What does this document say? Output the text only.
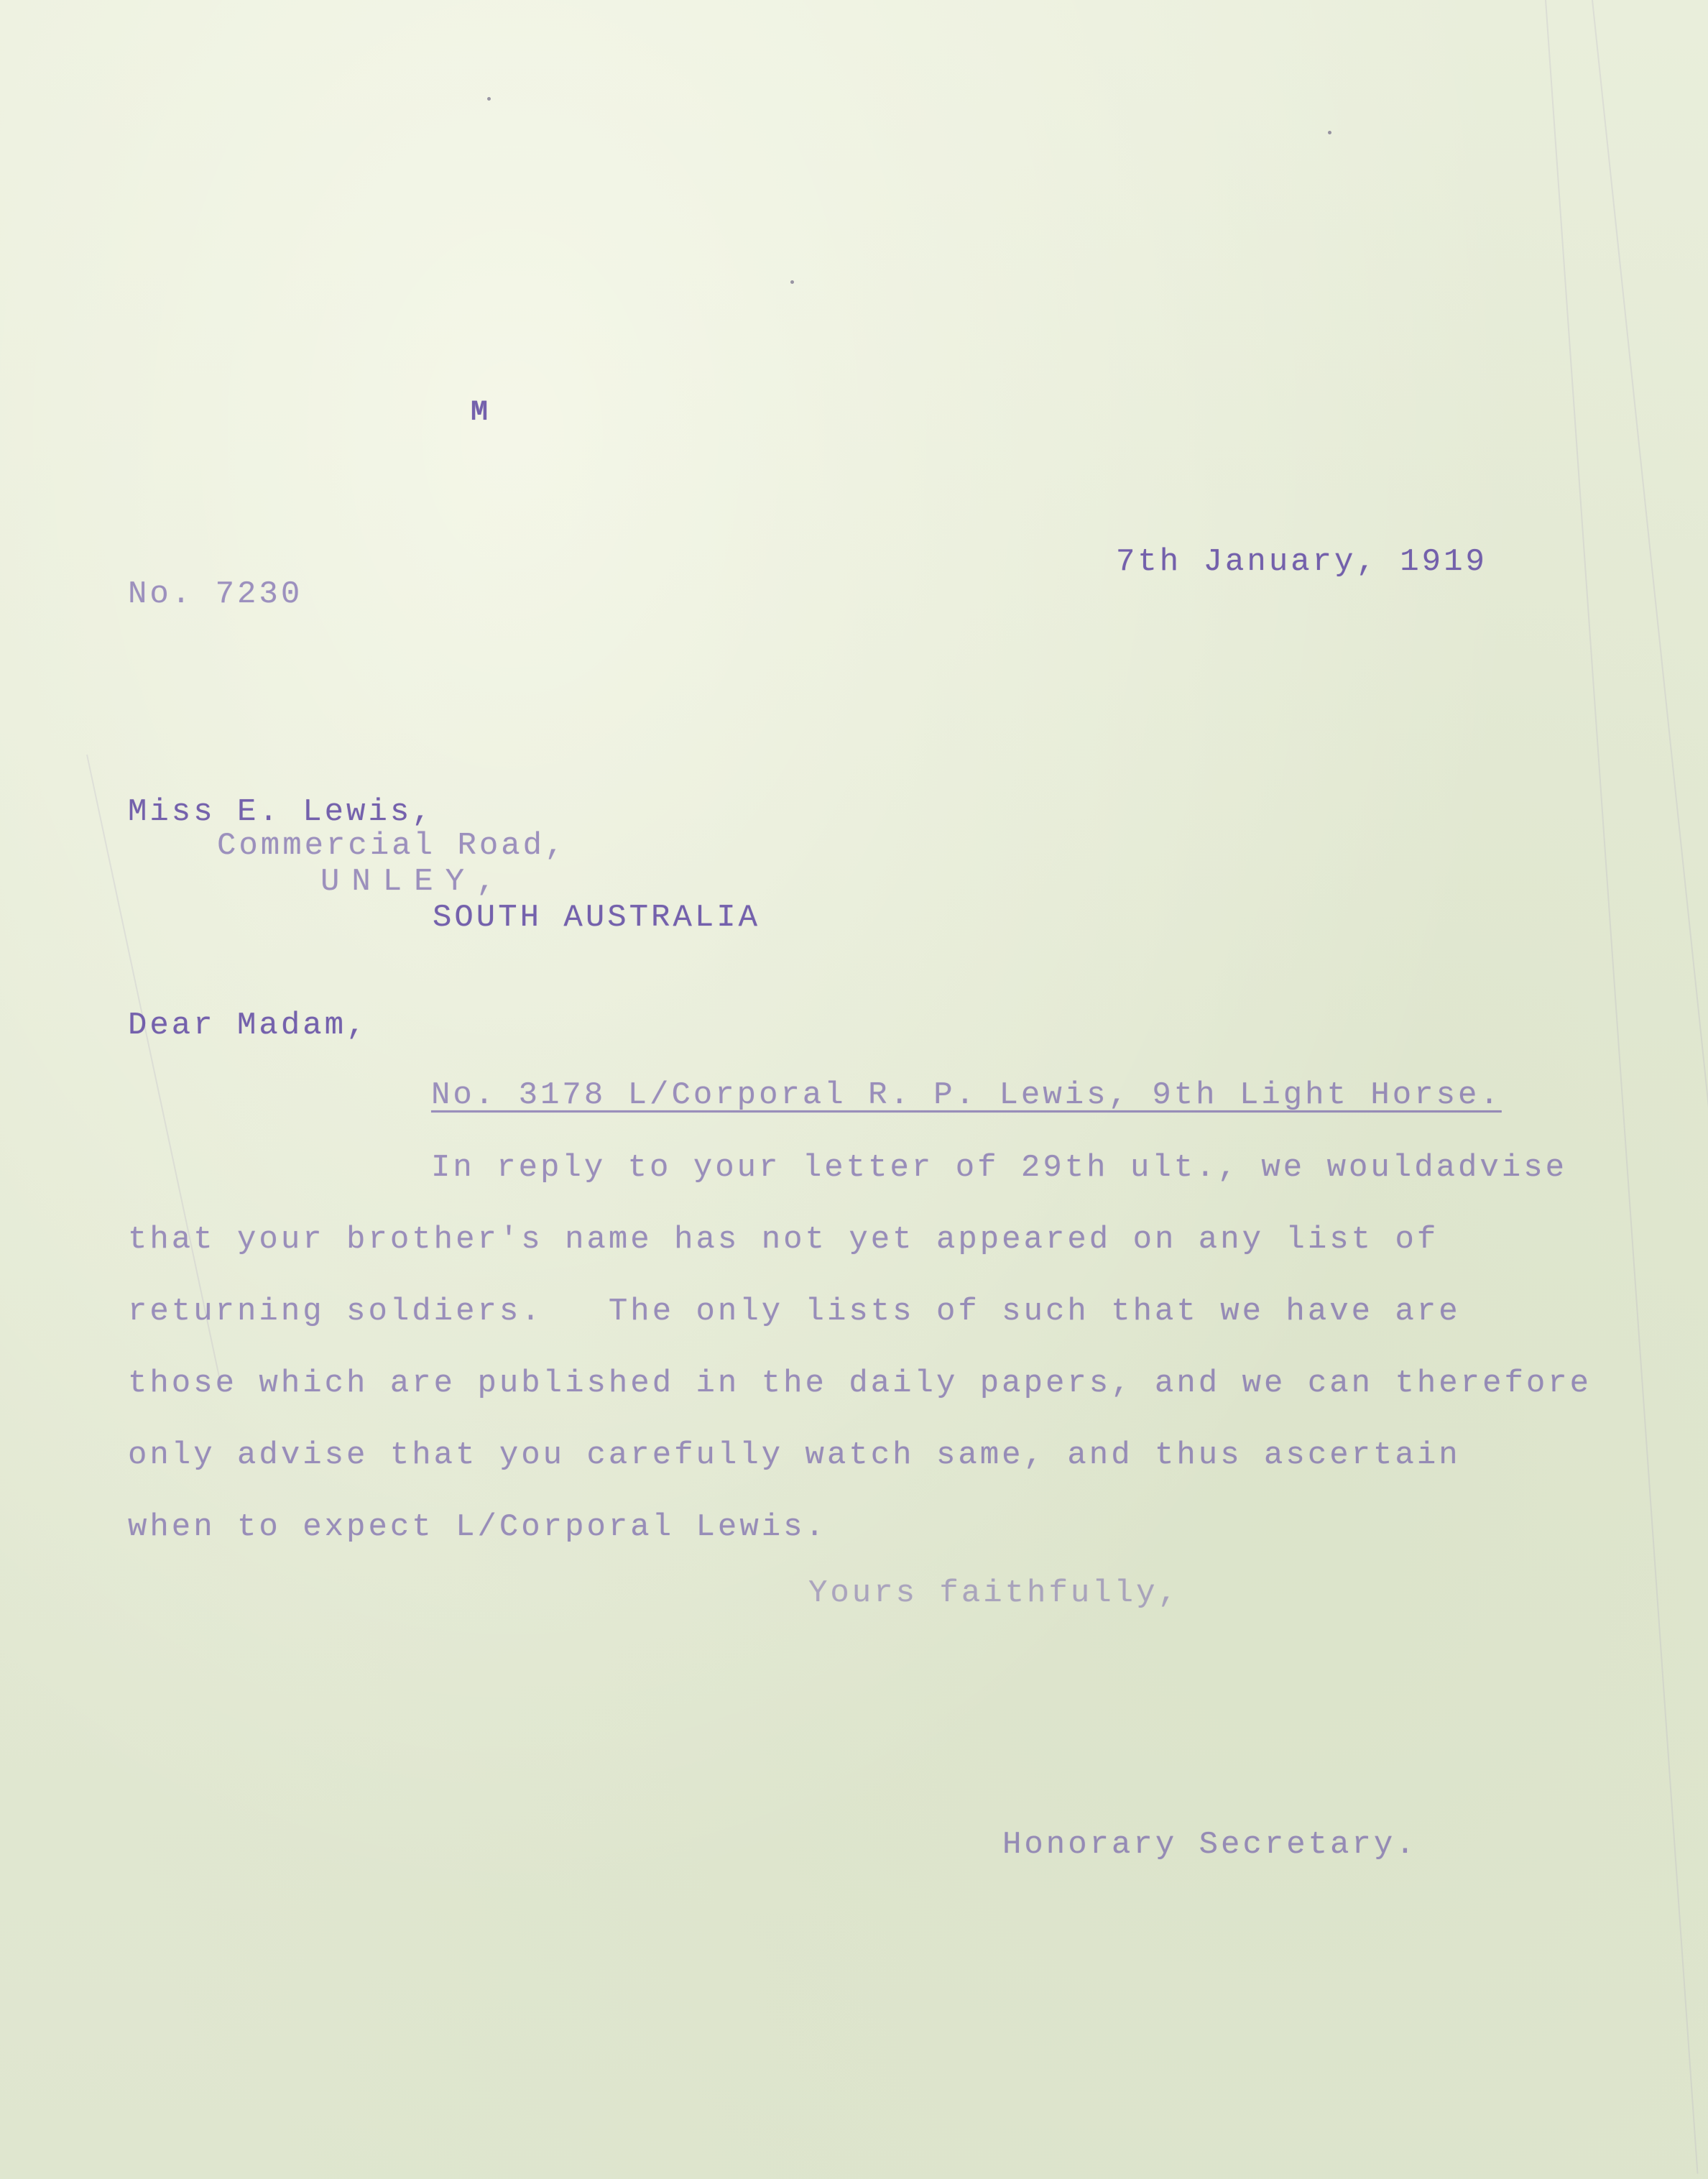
M
No. 7230
7th January, 1919
Miss E. Lewis,
Commercial Road,
UNLEY,
SOUTH AUSTRALIA
Dear Madam,
No. 3178 L/Corporal R. P. Lewis, 9th Light Horse.
In reply to your letter of 29th ult., we wouldadvise
that your brother's name has not yet appeared on any list of
returning soldiers.   The only lists of such that we have are
those which are published in the daily papers, and we can therefore
only advise that you carefully watch same, and thus ascertain
when to expect L/Corporal Lewis.
Yours faithfully,
Honorary Secretary.
